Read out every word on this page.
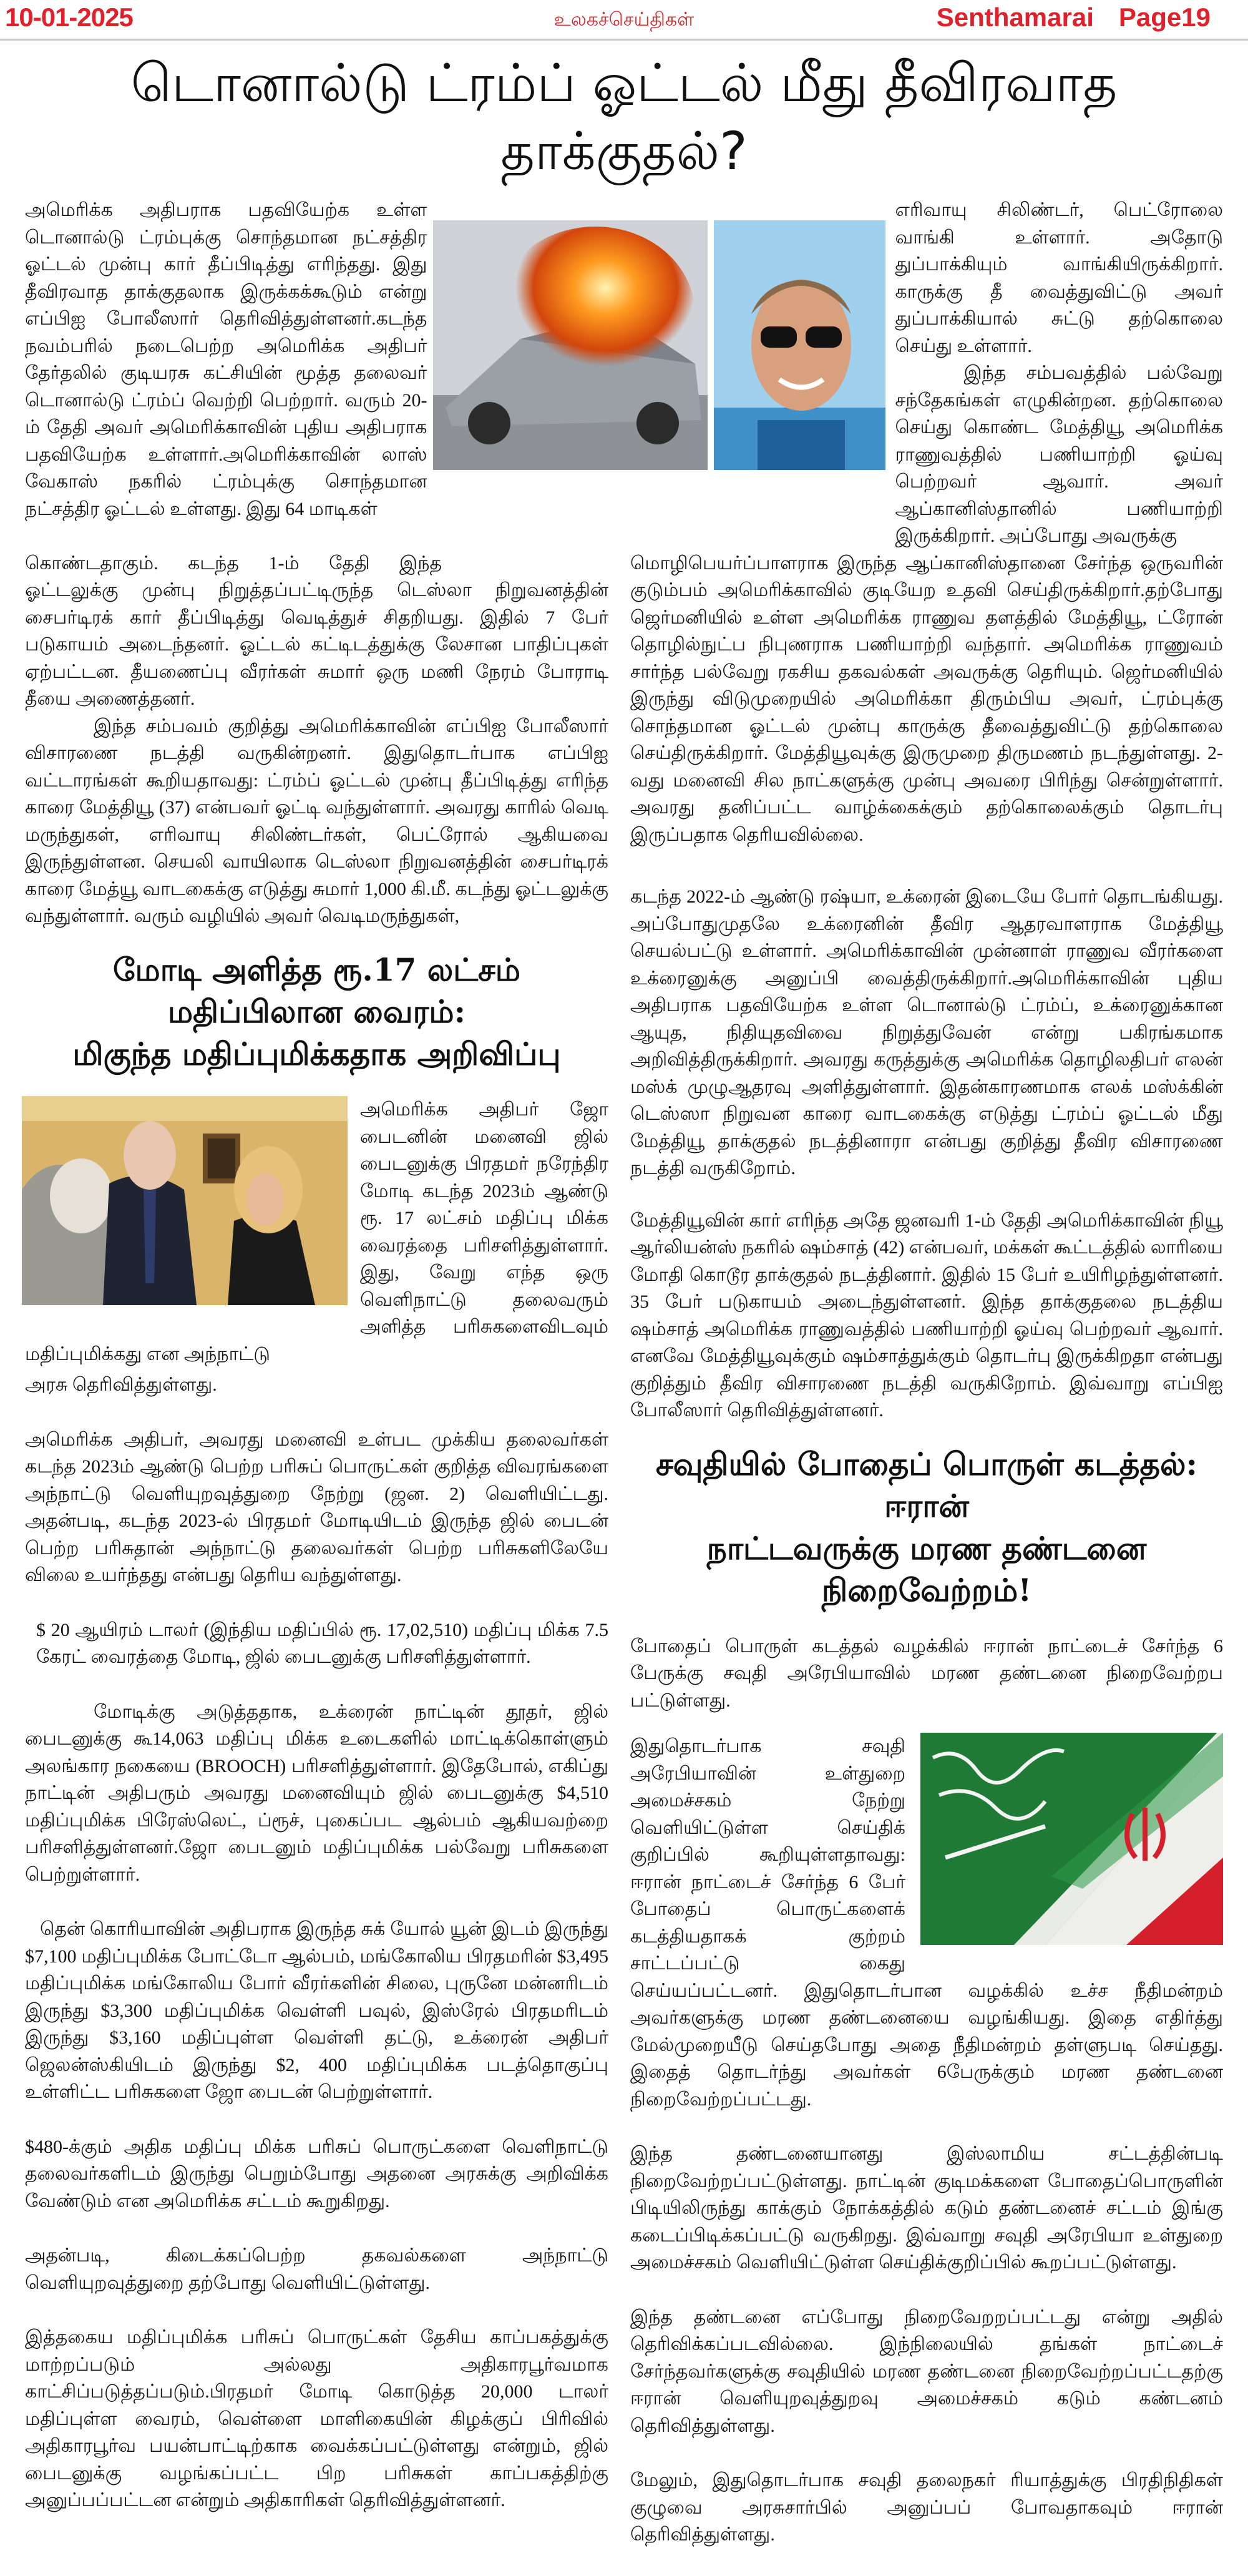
10-01-2025	உலகச்செய்திகள்	Senthamarai Page19
டொனால்டு ட்ரம்ப் ஓட்டல் மீது தீவிரவாத தாக்குதல்?

அமெரிக்க அதிபராக பதவியேற்க உள்ள டொனால்டு ட்ரம்புக்கு சொந்தமான நட்சத்திர ஓட்டல் முன்பு கார் தீப்பிடித்து எரிந்தது. இது தீவிரவாத தாக்குதலாக இருக்கக்கூடும் என்று எப்பிஐ போலீஸார் தெரிவித்துள்ளனர்.கடந்த நவம்பரில் நடைபெற்ற அமெரிக்க அதிபர் தேர்தலில் குடியரசு கட்சியின் மூத்த தலைவர் டொனால்டு ட்ரம்ப் வெற்றி பெற்றார். வரும் 20-ம் தேதி அவர் அமெரிக்காவின் புதிய அதிபராக பதவியேற்க உள்ளார்.அமெரிக்காவின் லாஸ் வேகாஸ் நகரில் ட்ரம்புக்கு சொந்தமான நட்சத்திர ஓட்டல் உள்ளது. இது 64 மாடிகள்

எரிவாயு சிலிண்டர், பெட்ரோலை வாங்கி உள்ளார். அதோடு துப்பாக்கியும் வாங்கியிருக்கிறார். காருக்கு தீ வைத்துவிட்டு அவர் துப்பாக்கியால் சுட்டு தற்கொலை செய்து உள்ளார்.

இந்த சம்பவத்தில் பல்வேறு சந்தேகங்கள் எழுகின்றன. தற்கொலை செய்து கொண்ட மேத்தியூ அமெரிக்க ராணுவத்தில் பணியாற்றி ஓய்வு பெற்றவர் ஆவார். அவர் ஆப்கானிஸ்தானில் பணியாற்றி இருக்கிறார். அப்போது அவருக்கு

கொண்டதாகும். கடந்த 1-ம் தேதி இந்த

ஓட்டலுக்கு முன்பு நிறுத்தப்பட்டிருந்த டெஸ்லா நிறுவனத்தின் சைபர்டிரக் கார் தீப்பிடித்து வெடித்துச் சிதறியது. இதில் 7 பேர் படுகாயம் அடைந்தனர். ஓட்டல் கட்டிடத்துக்கு லேசான பாதிப்புகள் ஏற்பட்டன. தீயணைப்பு வீரர்கள் சுமார் ஒரு மணி நேரம் போராடி தீயை அணைத்தனர்.

இந்த சம்பவம் குறித்து அமெரிக்காவின் எப்பிஐ போலீஸார் விசாரணை நடத்தி வருகின்றனர். இதுதொடர்பாக எப்பிஐ வட்டாரங்கள் கூறியதாவது: ட்ரம்ப் ஓட்டல் முன்பு தீப்பிடித்து எரிந்த காரை மேத்தியூ (37) என்பவர் ஓட்டி வந்துள்ளார். அவரது காரில் வெடி மருந்துகள், எரிவாயு சிலிண்டர்கள், பெட்ரோல் ஆகியவை இருந்துள்ளன. செயலி வாயிலாக டெஸ்லா நிறுவனத்தின் சைபர்டிரக் காரை மேத்யூ வாடகைக்கு எடுத்து சுமார் 1,000 கி.மீ. கடந்து ஓட்டலுக்கு வந்துள்ளார். வரும் வழியில் அவர் வெடிமருந்துகள்,

மோடி அளித்த ரூ.17 லட்சம் மதிப்பிலான வைரம்:
மிகுந்த மதிப்புமிக்கதாக அறிவிப்பு

அமெரிக்க அதிபர் ஜோ பைடனின் மனைவி ஜில் பைடனுக்கு பிரதமர் நரேந்திர மோடி கடந்த 2023ம் ஆண்டு ரூ. 17 லட்சம் மதிப்பு மிக்க வைரத்தை பரிசளித்துள்ளார். இது, வேறு எந்த ஒரு வெளிநாட்டு தலைவரும் அளித்த பரிசுகளைவிடவும் மதிப்புமிக்கது என அந்நாட்டு

அரசு தெரிவித்துள்ளது.

அமெரிக்க அதிபர், அவரது மனைவி உள்பட முக்கிய தலைவர்கள் கடந்த 2023ம் ஆண்டு பெற்ற பரிசுப் பொருட்கள் குறித்த விவரங்களை அந்நாட்டு வெளியுறவுத்துறை நேற்று (ஜன. 2) வெளியிட்டது. அதன்படி, கடந்த 2023-ல் பிரதமர் மோடியிடம் இருந்த ஜில் பைடன் பெற்ற பரிசுதான் அந்நாட்டு தலைவர்கள் பெற்ற பரிசுகளிலேயே விலை உயர்ந்தது என்பது தெரிய வந்துள்ளது.

$ 20 ஆயிரம் டாலர் (இந்திய மதிப்பில் ரூ. 17,02,510) மதிப்பு மிக்க 7.5 கேரட் வைரத்தை மோடி, ஜில் பைடனுக்கு பரிசளித்துள்ளார்.

மோடிக்கு அடுத்ததாக, உக்ரைன் நாட்டின் தூதர், ஜில் பைடனுக்கு கூ14,063 மதிப்பு மிக்க உடைகளில் மாட்டிக்கொள்ளும் அலங்கார நகையை (BROOCH) பரிசளித்துள்ளார். இதேபோல், எகிப்து நாட்டின் அதிபரும் அவரது மனைவியும் ஜில் பைடனுக்கு $4,510 மதிப்புமிக்க பிரேஸ்லெட், ப்ரூச், புகைப்பட ஆல்பம் ஆகியவற்றை பரிசளித்துள்ளனர்.ஜோ பைடனும் மதிப்புமிக்க பல்வேறு பரிசுகளை பெற்றுள்ளார்.

தென் கொரியாவின் அதிபராக இருந்த சுக் யோல் யூன் இடம் இருந்து $7,100 மதிப்புமிக்க போட்டோ ஆல்பம், மங்கோலிய பிரதமரின் $3,495 மதிப்புமிக்க மங்கோலிய போர் வீரர்களின் சிலை, புருனே மன்னரிடம் இருந்து $3,300 மதிப்புமிக்க வெள்ளி பவுல், இஸ்ரேல் பிரதமரிடம் இருந்து $3,160 மதிப்புள்ள வெள்ளி தட்டு, உக்ரைன் அதிபர் ஜெலன்ஸ்கியிடம் இருந்து $2, 400 மதிப்புமிக்க படத்தொகுப்பு உள்ளிட்ட பரிசுகளை ஜோ பைடன் பெற்றுள்ளார்.

$480-க்கும் அதிக மதிப்பு மிக்க பரிசுப் பொருட்களை வெளிநாட்டு தலைவர்களிடம் இருந்து பெறும்போது அதனை அரசுக்கு அறிவிக்க வேண்டும் என அமெரிக்க சட்டம் கூறுகிறது.

அதன்படி, கிடைக்கப்பெற்ற தகவல்களை அந்நாட்டு வெளியுறவுத்துறை தற்போது வெளியிட்டுள்ளது.

இத்தகைய மதிப்புமிக்க பரிசுப் பொருட்கள் தேசிய காப்பகத்துக்கு மாற்றப்படும் அல்லது அதிகாரபூர்வமாக காட்சிப்படுத்தப்படும்.பிரதமர் மோடி கொடுத்த 20,000 டாலர் மதிப்புள்ள வைரம், வெள்ளை மாளிகையின் கிழக்குப் பிரிவில் அதிகாரபூர்வ பயன்பாட்டிற்காக வைக்கப்பட்டுள்ளது என்றும், ஜில் பைடனுக்கு வழங்கப்பட்ட பிற பரிசுகள் காப்பகத்திற்கு அனுப்பப்பட்டன என்றும் அதிகாரிகள் தெரிவித்துள்ளனர்.

மொழிபெயர்ப்பாளராக இருந்த ஆப்கானிஸ்தானை சேர்ந்த ஒருவரின் குடும்பம் அமெரிக்காவில் குடியேற உதவி செய்திருக்கிறார்.தற்போது ஜெர்மனியில் உள்ள அமெரிக்க ராணுவ தளத்தில் மேத்தியூ, ட்ரோன் தொழில்நுட்ப நிபுணராக பணியாற்றி வந்தார். அமெரிக்க ராணுவம் சார்ந்த பல்வேறு ரகசிய தகவல்கள் அவருக்கு தெரியும். ஜெர்மனியில் இருந்து விடுமுறையில் அமெரிக்கா திரும்பிய அவர், ட்ரம்புக்கு சொந்தமான ஓட்டல் முன்பு காருக்கு தீவைத்துவிட்டு தற்கொலை செய்திருக்கிறார். மேத்தியூவுக்கு இருமுறை திருமணம் நடந்துள்ளது. 2-வது மனைவி சில நாட்களுக்கு முன்பு அவரை பிரிந்து சென்றுள்ளார். அவரது தனிப்பட்ட வாழ்க்கைக்கும் தற்கொலைக்கும் தொடர்பு இருப்பதாக தெரியவில்லை.

கடந்த 2022-ம் ஆண்டு ரஷ்யா, உக்ரைன் இடையே போர் தொடங்கியது. அப்போதுமுதலே உக்ரைனின் தீவிர ஆதரவாளராக மேத்தியூ செயல்பட்டு உள்ளார். அமெரிக்காவின் முன்னாள் ராணுவ வீரர்களை உக்ரைனுக்கு அனுப்பி வைத்திருக்கிறார்.அமெரிக்காவின் புதிய அதிபராக பதவியேற்க உள்ள டொனால்டு ட்ரம்ப், உக்ரைனுக்கான ஆயுத, நிதியுதவிவை நிறுத்துவேன் என்று பகிரங்கமாக அறிவித்திருக்கிறார். அவரது கருத்துக்கு அமெரிக்க தொழிலதிபர் எலன் மஸ்க் முழுஆதரவு அளித்துள்ளார். இதன்காரணமாக எலக் மஸ்க்கின் டெஸ்ஸா நிறுவன காரை வாடகைக்கு எடுத்து ட்ரம்ப் ஓட்டல் மீது மேத்தியூ தாக்குதல் நடத்தினாரா என்பது குறித்து தீவிர விசாரணை நடத்தி வருகிறோம்.

மேத்தியூவின் கார் எரிந்த அதே ஜனவரி 1-ம் தேதி அமெரிக்காவின் நியூ ஆர்லியன்ஸ் நகரில் ஷம்சாத் (42) என்பவர், மக்கள் கூட்டத்தில் லாரியை மோதி கொடூர தாக்குதல் நடத்தினார். இதில் 15 பேர் உயிரிழந்துள்ளனர். 35 பேர் படுகாயம் அடைந்துள்ளனர். இந்த தாக்குதலை நடத்திய ஷம்சாத் அமெரிக்க ராணுவத்தில் பணியாற்றி ஓய்வு பெற்றவர் ஆவார். எனவே மேத்தியூவுக்கும் ஷம்சாத்துக்கும் தொடர்பு இருக்கிறதா என்பது குறித்தும் தீவிர விசாரணை நடத்தி வருகிறோம். இவ்வாறு எப்பிஐ போலீஸார் தெரிவித்துள்ளனர்.

சவுதியில் போதைப் பொருள் கடத்தல்: ஈரான்
நாட்டவருக்கு மரண தண்டனை நிறைவேற்றம்!

போதைப் பொருள் கடத்தல் வழக்கில் ஈரான் நாட்டைச் சேர்ந்த 6 பேருக்கு சவுதி அரேபியாவில் மரண தண்டனை நிறைவேற்றப பட்டுள்ளது.

இதுதொடர்பாக சவுதி அரேபியாவின் உள்துறை அமைச்சகம் நேற்று வெளியிட்டுள்ள செய்திக் குறிப்பில் கூறியுள்ளதாவது: ஈரான் நாட்டைச் சேர்ந்த 6 பேர் போதைப் பொருட்களைக் கடத்தியதாகக் குற்றம் சாட்டப்பட்டு கைது செய்யப்பட்டனர். இதுதொடர்பான வழக்கில் உச்ச நீதிமன்றம் அவர்களுக்கு மரண தண்டனையை வழங்கியது. இதை எதிர்த்து மேல்முறையீடு செய்தபோது அதை நீதிமன்றம் தள்ளுபடி செய்தது. இதைத் தொடர்ந்து அவர்கள் 6பேருக்கும் மரண தண்டனை நிறைவேற்றப்பட்டது.

இந்த தண்டனையானது இஸ்லாமிய சட்டத்தின்படி நிறைவேற்றப்பட்டுள்ளது. நாட்டின் குடிமக்களை போதைப்பொருளின் பிடியிலிருந்து காக்கும் நோக்கத்தில் கடும் தண்டனைச் சட்டம் இங்கு கடைப்பிடிக்கப்பட்டு வருகிறது. இவ்வாறு சவுதி அரேபியா உள்துறை அமைச்சகம் வெளியிட்டுள்ள செய்திக்குறிப்பில் கூறப்பட்டுள்ளது.

இந்த தண்டனை எப்போது நிறைவேறறப்பட்டது என்று அதில் தெரிவிக்கப்படவில்லை. இந்நிலையில் தங்கள் நாட்டைச் சேர்ந்தவர்களுக்கு சவுதியில் மரண தண்டனை நிறைவேற்றப்பட்டதற்கு ஈரான் வெளியுறவுத்துறவு அமைச்சகம் கடும் கண்டனம் தெரிவித்துள்ளது.

மேலும், இதுதொடர்பாக சவுதி தலைநகர் ரியாத்துக்கு பிரதிநிதிகள் குழுவை அரசுசார்பில் அனுப்பப் போவதாகவும் ஈரான் தெரிவித்துள்ளது.
